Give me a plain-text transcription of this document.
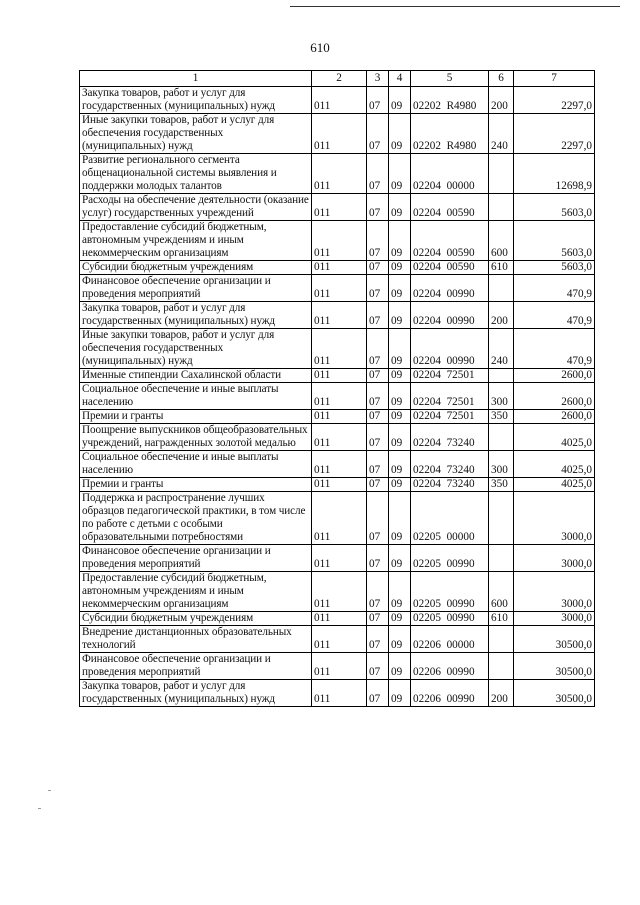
610
1	2	3	4	5	6	7
Закупка товаров, работ и услуг для государственных (муниципальных) нужд	011	07	09	02202  R4980	200	2297,0
Иные закупки товаров, работ и услуг для обеспечения государственных (муниципальных) нужд	011	07	09	02202  R4980	240	2297,0
Развитие регионального сегмента общенациональной системы выявления и поддержки молодых талантов	011	07	09	02204  00000		12698,9
Расходы на обеспечение деятельности (оказание услуг) государственных учреждений	011	07	09	02204  00590		5603,0
Предоставление субсидий бюджетным, автономным учреждениям и иным некоммерческим организациям	011	07	09	02204  00590	600	5603,0
Субсидии бюджетным учреждениям	011	07	09	02204  00590	610	5603,0
Финансовое обеспечение организации и проведения мероприятий	011	07	09	02204  00990		470,9
Закупка товаров, работ и услуг для государственных (муниципальных) нужд	011	07	09	02204  00990	200	470,9
Иные закупки товаров, работ и услуг для обеспечения государственных (муниципальных) нужд	011	07	09	02204  00990	240	470,9
Именные стипендии Сахалинской области	011	07	09	02204  72501		2600,0
Социальное обеспечение и иные выплаты населению	011	07	09	02204  72501	300	2600,0
Премии и гранты	011	07	09	02204  72501	350	2600,0
Поощрение выпускников общеобразовательных учреждений, награжденных золотой медалью	011	07	09	02204  73240		4025,0
Социальное обеспечение и иные выплаты населению	011	07	09	02204  73240	300	4025,0
Премии и гранты	011	07	09	02204  73240	350	4025,0
Поддержка и распространение лучших образцов педагогической практики, в том числе по работе с детьми с особыми образовательными потребностями	011	07	09	02205  00000		3000,0
Финансовое обеспечение организации и проведения мероприятий	011	07	09	02205  00990		3000,0
Предоставление субсидий бюджетным, автономным учреждениям и иным некоммерческим организациям	011	07	09	02205  00990	600	3000,0
Субсидии бюджетным учреждениям	011	07	09	02205  00990	610	3000,0
Внедрение дистанционных образовательных технологий	011	07	09	02206  00000		30500,0
Финансовое обеспечение организации и проведения мероприятий	011	07	09	02206  00990		30500,0
Закупка товаров, работ и услуг для государственных (муниципальных) нужд	011	07	09	02206  00990	200	30500,0
